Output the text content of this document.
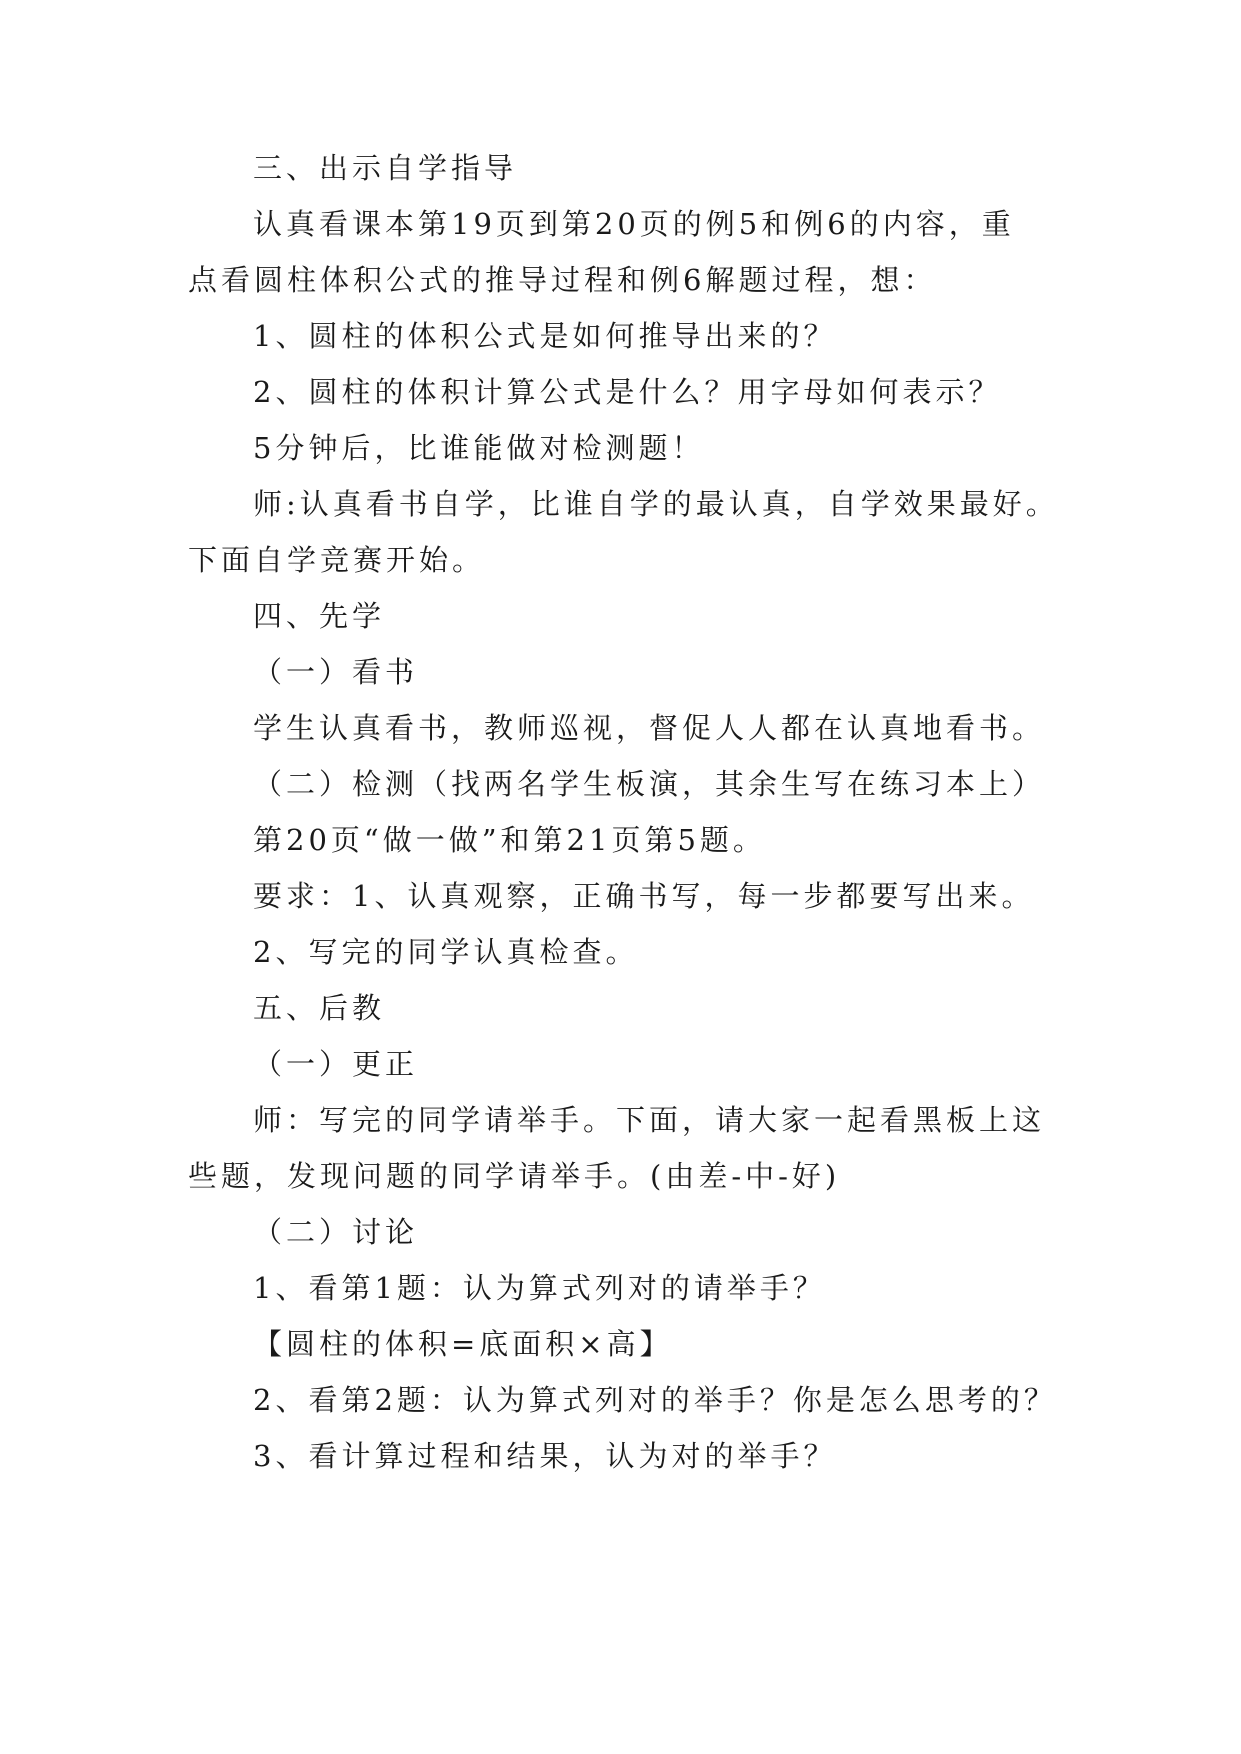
三、出示自学指导
认真看课本第19页到第20页的例5和例6的内容，重
点看圆柱体积公式的推导过程和例6解题过程，想：
1、圆柱的体积公式是如何推导出来的？
2、圆柱的体积计算公式是什么？用字母如何表示？
5分钟后，比谁能做对检测题！
师:认真看书自学，比谁自学的最认真，自学效果最好。
下面自学竞赛开始。
四、先学
（一）看书
学生认真看书，教师巡视，督促人人都在认真地看书。
（二）检测（找两名学生板演，其余生写在练习本上）
第20页“做一做”和第21页第5题。
要求：1、认真观察，正确书写，每一步都要写出来。
2、写完的同学认真检查。
五、后教
（一）更正
师：写完的同学请举手。下面，请大家一起看黑板上这
些题，发现问题的同学请举手。(由差-中-好)
（二）讨论
1、看第1题：认为算式列对的请举手？
【圆柱的体积=底面积×高】
2、看第2题：认为算式列对的举手？你是怎么思考的？
3、看计算过程和结果，认为对的举手？
